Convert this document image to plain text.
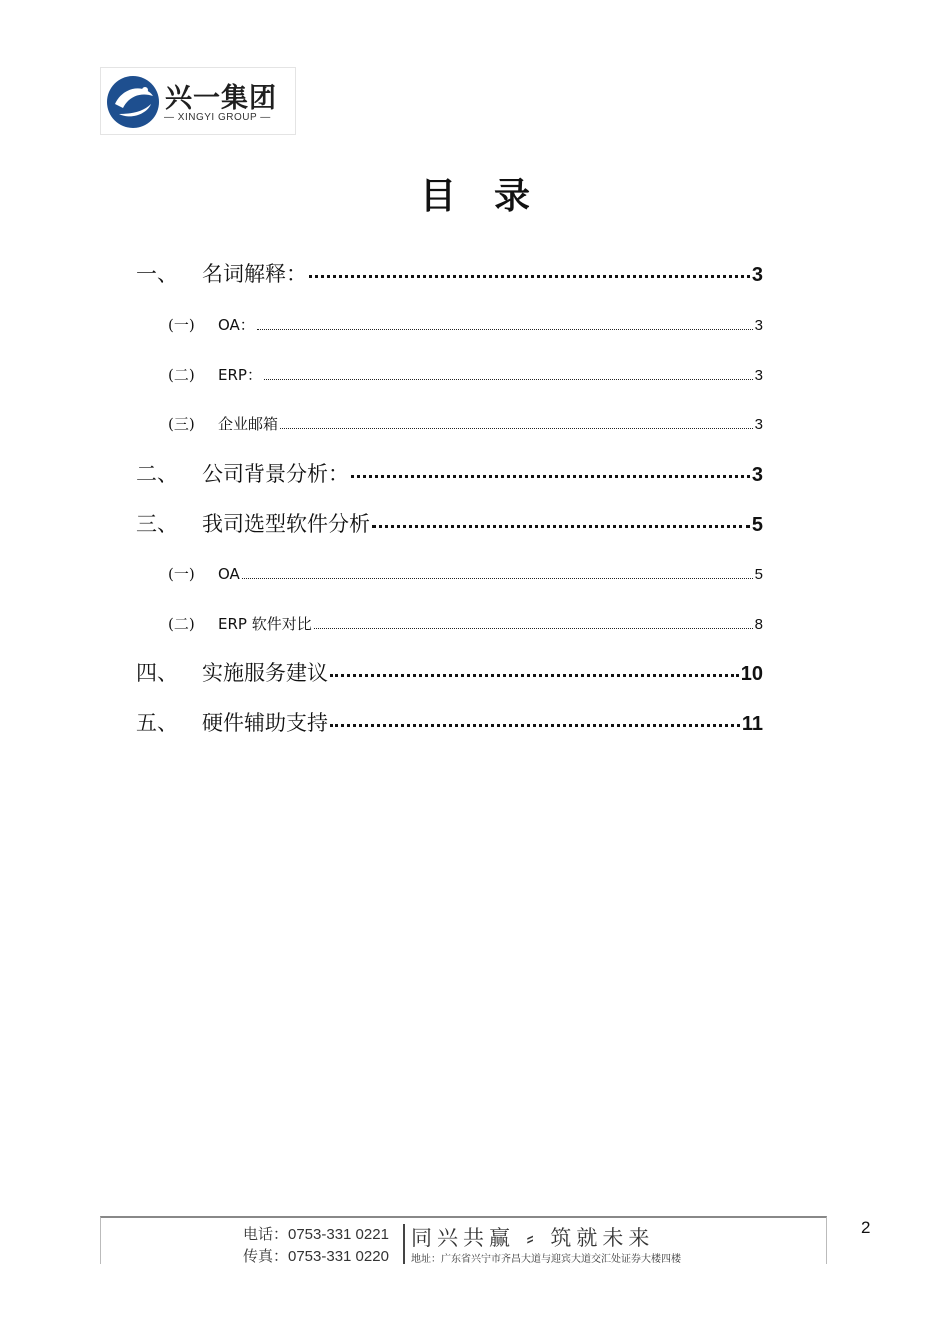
兴一集团
— XINGYI GROUP —
目录
一、	名词解释：	3
(一)	OA：	3
(二)	ERP：	3
(三)	企业邮箱	3
二、	公司背景分析：	3
三、	我司选型软件分析	5
(一)	OA	5
(二)	ERP 软件对比	8
四、	实施服务建议	10
五、	硬件辅助支持	11
电话：0753-331 0221
传真：0753-331 0220
同兴共赢 ⸗ 筑就未来
地址：广东省兴宁市齐昌大道与迎宾大道交汇处证券大楼四楼
2
